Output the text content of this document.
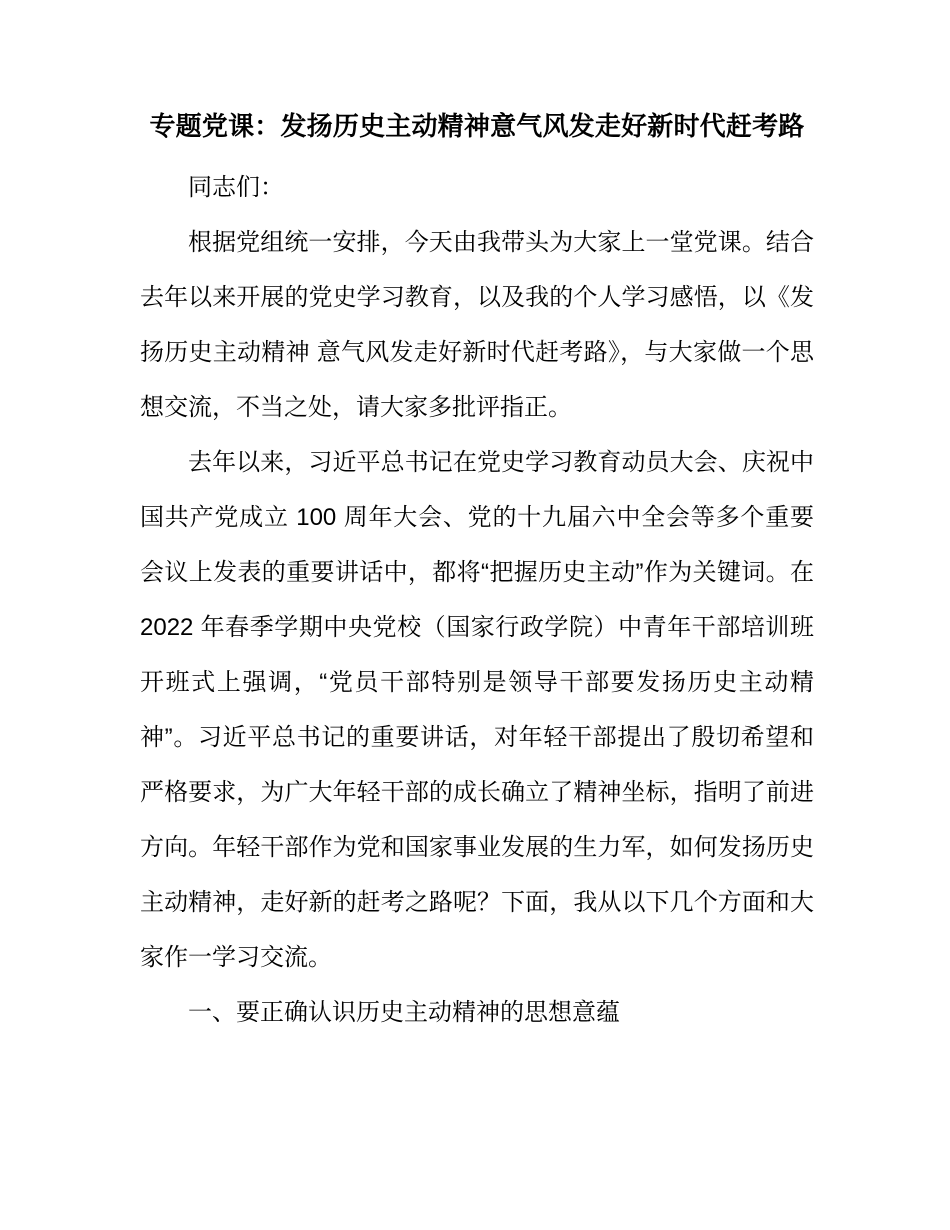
专题党课：发扬历史主动精神意气风发走好新时代赶考路

同志们：

根据党组统一安排，今天由我带头为大家上一堂党课。结合去年以来开展的党史学习教育，以及我的个人学习感悟，以《发扬历史主动精神 意气风发走好新时代赶考路》，与大家做一个思想交流，不当之处，请大家多批评指正。

去年以来，习近平总书记在党史学习教育动员大会、庆祝中国共产党成立 100 周年大会、党的十九届六中全会等多个重要会议上发表的重要讲话中，都将“把握历史主动”作为关键词。在 2022 年春季学期中央党校（国家行政学院）中青年干部培训班开班式上强调，“党员干部特别是领导干部要发扬历史主动精神”。习近平总书记的重要讲话，对年轻干部提出了殷切希望和严格要求，为广大年轻干部的成长确立了精神坐标，指明了前进方向。年轻干部作为党和国家事业发展的生力军，如何发扬历史主动精神，走好新的赶考之路呢？下面，我从以下几个方面和大家作一学习交流。

一、要正确认识历史主动精神的思想意蕴
